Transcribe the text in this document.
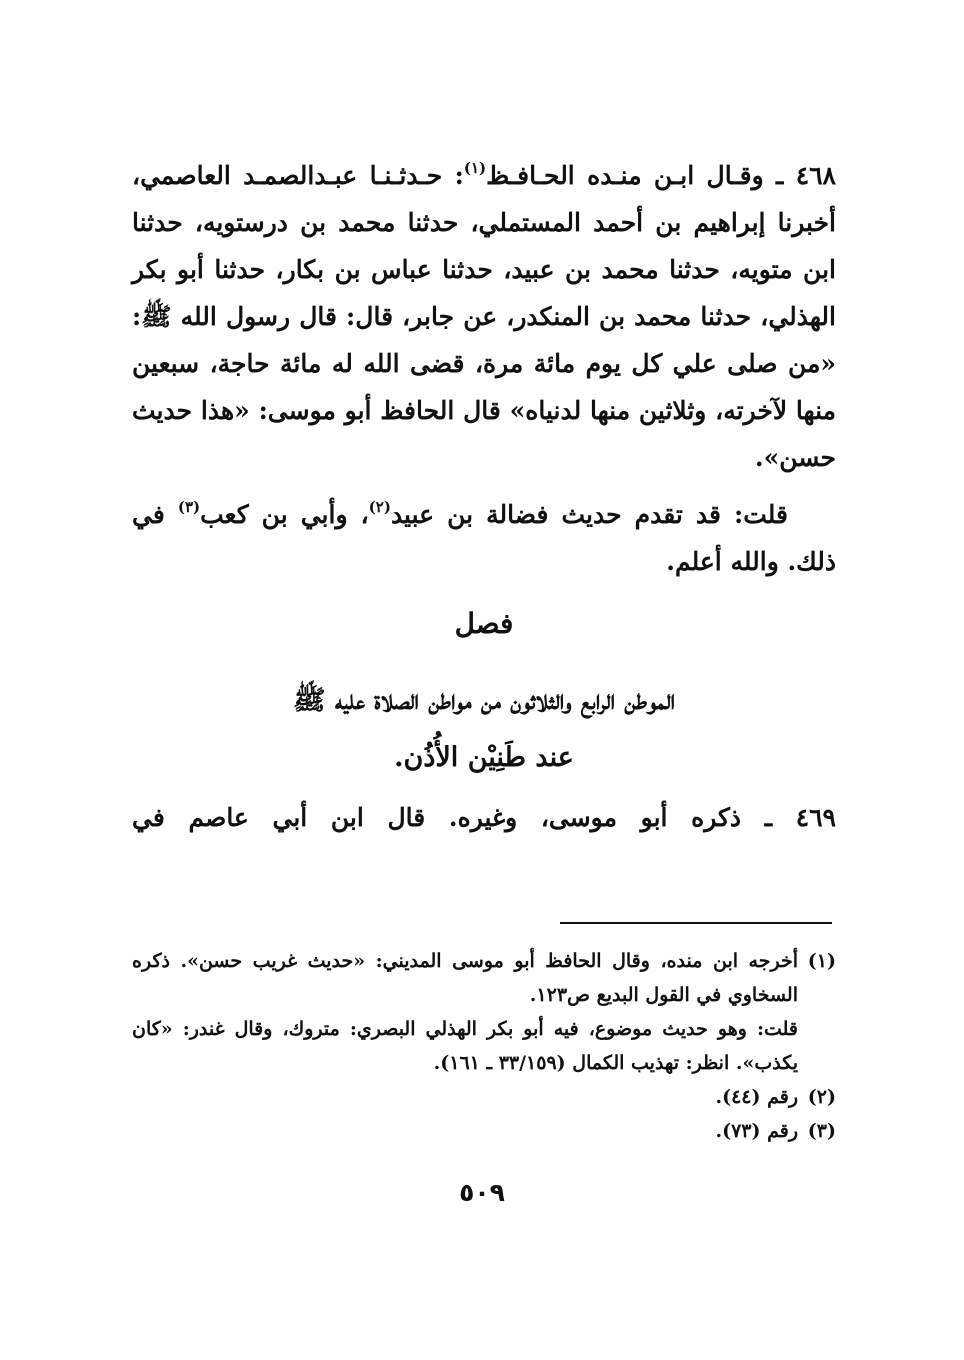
٤٦٨ ـ وقـال ابـن منـده الحـافـظ$^{(١)}$: حـدثـنـا عبـدالصمـد العاصمي، أخبرنا إبراهيم بن أحمد المستملي، حدثنا محمد بن درستويه، حدثنا ابن متويه، حدثنا محمد بن عبيد، حدثنا عباس بن بكار، حدثنا أبو بكر الهذلي، حدثنا محمد بن المنكدر، عن جابر، قال: قال رسول الله ﷺ: «من صلى علي كل يوم مائة مرة، قضى الله له مائة حاجة، سبعين منها لآخرته، وثلاثين منها لدنياه» قال الحافظ أبو موسى: «هذا حديث حسن».

قلت: قد تقدم حديث فضالة بن عبيد$^{(٢)}$، وأبي بن كعب$^{(٣)}$ في ذلك. والله أعلم.

فصل
الموطن الرابع والثلاثون من مواطن الصلاة عليه ﷺ
عند طَنِيْن الأُذُن.
٤٦٩ ـ ذكره أبو موسى، وغيره. قال ابن أبي عاصم في
(١)
أخرجه ابن منده، وقال الحافظ أبو موسى المديني: «حديث غريب حسن». ذكره السخاوي في القول البديع ص١٢٣.
قلت: وهو حديث موضوع، فيه أبو بكر الهذلي البصري: متروك، وقال غندر: «كان يكذب». انظر: تهذيب الكمال (٣٣/١٥٩ ـ ١٦١).
(٢)
رقم (٤٤).
(٣)
رقم (٧٣).
٥٠٩
